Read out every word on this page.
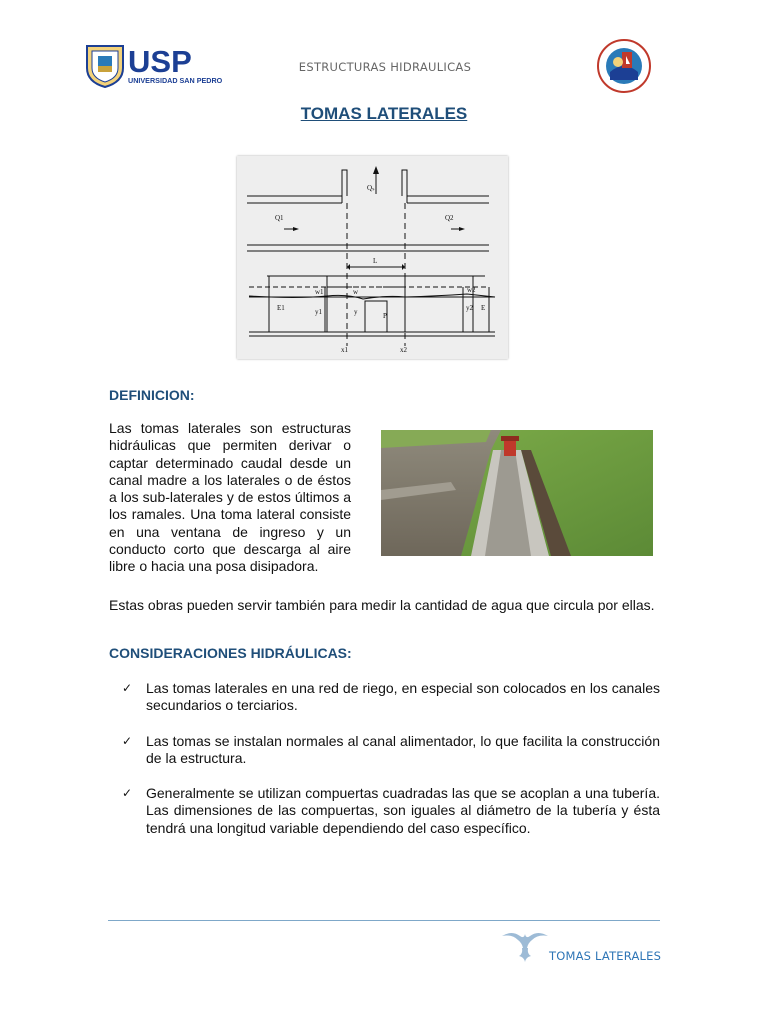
USP
UNIVERSIDAD SAN PEDRO
ESTRUCTURAS HIDRAULICAS
TOMAS LATERALES
Qₛ
Q1	Q2
L
w1	w	w2
E1	y1	y	P
y2 E
x1	x2
DEFINICION:
Las tomas laterales son estructuras hidráulicas que permiten derivar o captar determinado caudal desde un canal madre a los laterales o de éstos a los sub-laterales y de estos últimos a los ramales. Una toma lateral consiste en una ventana de ingreso y un conducto corto que descarga al aire libre o hacia una posa disipadora.
Estas obras pueden servir también para medir la cantidad de agua que circula por ellas.
CONSIDERACIONES HIDRÁULICAS:
✓ Las tomas laterales en una red de riego, en especial son colocados en los canales secundarios o terciarios.
✓ Las tomas se instalan normales al canal alimentador, lo que facilita la construcción de la estructura.
✓ Generalmente se utilizan compuertas cuadradas las que se acoplan a una tubería. Las dimensiones de las compuertas, son iguales al diámetro de la tubería y ésta tendrá una longitud variable dependiendo del caso específico.
TOMAS LATERALES
